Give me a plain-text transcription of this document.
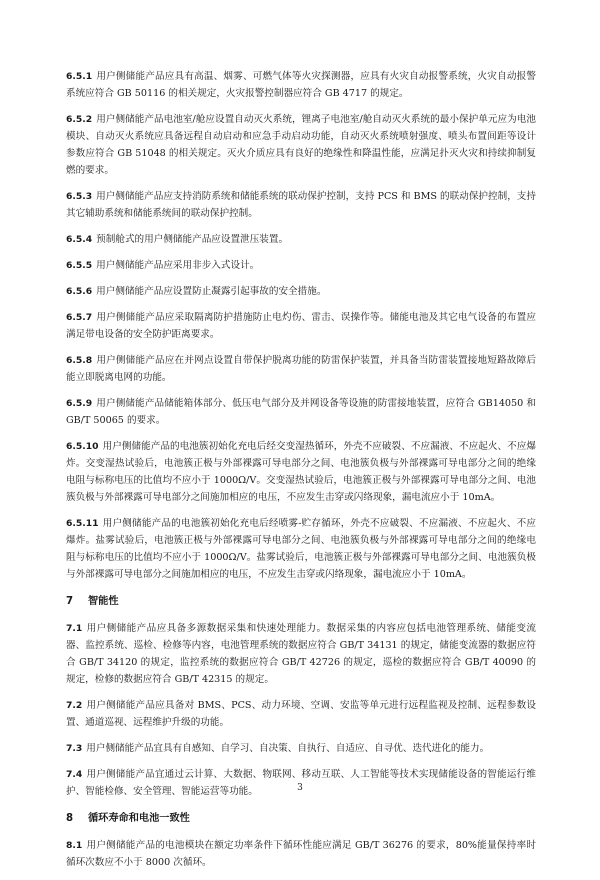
6.5.1 用户侧储能产品应具有高温、烟雾、可燃气体等火灾探测器，应具有火灾自动报警系统，火灾自动报警系统应符合 GB 50116 的相关规定，火灾报警控制器应符合 GB 4717 的规定。

6.5.2 用户侧储能产品电池室/舱应设置自动灭火系统，锂离子电池室/舱自动灭火系统的最小保护单元应为电池模块、自动灭火系统应具备远程自动启动和应急手动启动功能，自动灭火系统喷射强度、喷头布置间距等设计参数应符合 GB 51048 的相关规定。灭火介质应具有良好的绝缘性和降温性能，应满足扑灭火灾和持续抑制复燃的要求。

6.5.3 用户侧储能产品应支持消防系统和储能系统的联动保护控制，支持 PCS 和 BMS 的联动保护控制，支持其它辅助系统和储能系统间的联动保护控制。

6.5.4 预制舱式的用户侧储能产品应设置泄压装置。

6.5.5 用户侧储能产品应采用非步入式设计。

6.5.6 用户侧储能产品应设置防止凝露引起事故的安全措施。

6.5.7 用户侧储能产品应采取隔离防护措施防止电灼伤、雷击、误操作等。储能电池及其它电气设备的布置应满足带电设备的安全防护距离要求。

6.5.8 用户侧储能产品应在并网点设置自带保护脱离功能的防雷保护装置，并具备当防雷装置接地短路故障后能立即脱离电网的功能。

6.5.9 用户侧储能产品储能箱体部分、低压电气部分及并网设备等设施的防雷接地装置，应符合 GB14050 和 GB/T 50065 的要求。

6.5.10 用户侧储能产品的电池簇初始化充电后经交变湿热循环，外壳不应破裂、不应漏液、不应起火、不应爆炸。交变湿热试验后，电池簇正极与外部裸露可导电部分之间、电池簇负极与外部裸露可导电部分之间的绝缘电阻与标称电压的比值均不应小于 1000Ω/V。交变湿热试验后，电池簇正极与外部裸露可导电部分之间、电池簇负极与外部裸露可导电部分之间施加相应的电压，不应发生击穿或闪络现象，漏电流应小于 10mA。

6.5.11 用户侧储能产品的电池簇初始化充电后经喷雾-贮存循环，外壳不应破裂、不应漏液、不应起火、不应爆炸。盐雾试验后，电池簇正极与外部裸露可导电部分之间、电池簇负极与外部裸露可导电部分之间的绝缘电阻与标称电压的比值均不应小于 1000Ω/V。盐雾试验后，电池簇正极与外部裸露可导电部分之间、电池簇负极与外部裸露可导电部分之间施加相应的电压，不应发生击穿或闪络现象，漏电流应小于 10mA。

7 智能性

7.1 用户侧储能产品应具备多源数据采集和快速处理能力。数据采集的内容应包括电池管理系统、储能变流器、监控系统、巡检、检修等内容，电池管理系统的数据应符合 GB/T 34131 的规定，储能变流器的数据应符合 GB/T 34120 的规定，监控系统的数据应符合 GB/T 42726 的规定，巡检的数据应符合 GB/T 40090 的规定，检修的数据应符合 GB/T 42315 的规定。

7.2 用户侧储能产品应具备对 BMS、PCS、动力环境、空调、安监等单元进行远程监视及控制、远程参数设置、通道巡视、远程维护升级的功能。

7.3 用户侧储能产品宜具有自感知、自学习、自决策、自执行、自适应、自寻优、迭代进化的能力。

7.4 用户侧储能产品宜通过云计算、大数据、物联网、移动互联、人工智能等技术实现储能设备的智能运行维护、智能检修、安全管理、智能运营等功能。

8 循环寿命和电池一致性

8.1 用户侧储能产品的电池模块在额定功率条件下循环性能应满足 GB/T 36276 的要求，80%能量保持率时循环次数应不小于 8000 次循环。

3
